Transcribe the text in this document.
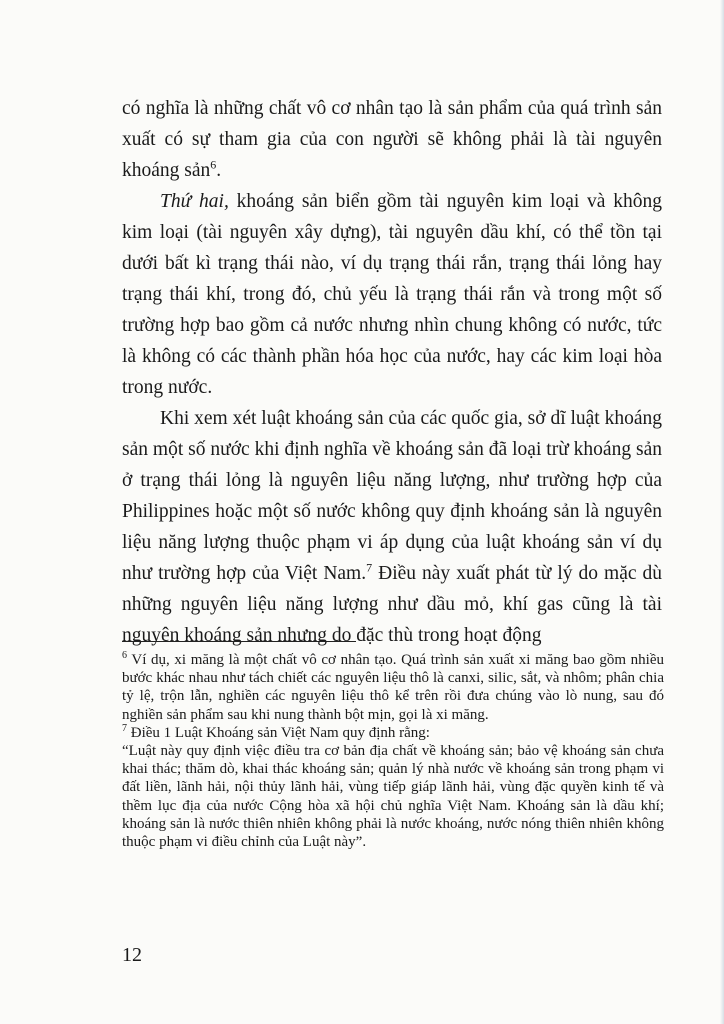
có nghĩa là những chất vô cơ nhân tạo là sản phẩm của quá trình sản xuất có sự tham gia của con người sẽ không phải là tài nguyên khoáng sản$^6$.

Thứ hai, khoáng sản biển gồm tài nguyên kim loại và không kim loại (tài nguyên xây dựng), tài nguyên dầu khí, có thể tồn tại dưới bất kì trạng thái nào, ví dụ trạng thái rắn, trạng thái lỏng hay trạng thái khí, trong đó, chủ yếu là trạng thái rắn và trong một số trường hợp bao gồm cả nước nhưng nhìn chung không có nước, tức là không có các thành phần hóa học của nước, hay các kim loại hòa trong nước.

Khi xem xét luật khoáng sản của các quốc gia, sở dĩ luật khoáng sản một số nước khi định nghĩa về khoáng sản đã loại trừ khoáng sản ở trạng thái lỏng là nguyên liệu năng lượng, như trường hợp của Philippines hoặc một số nước không quy định khoáng sản là nguyên liệu năng lượng thuộc phạm vi áp dụng của luật khoáng sản ví dụ như trường hợp của Việt Nam.$^7$ Điều này xuất phát từ lý do mặc dù những nguyên liệu năng lượng như dầu mỏ, khí gas cũng là tài nguyên khoáng sản nhưng do đặc thù trong hoạt động

$^6$ Ví dụ, xi măng là một chất vô cơ nhân tạo. Quá trình sản xuất xi măng bao gồm nhiều bước khác nhau như tách chiết các nguyên liệu thô là canxi, silic, sắt, và nhôm; phân chia tỷ lệ, trộn lẫn, nghiền các nguyên liệu thô kể trên rồi đưa chúng vào lò nung, sau đó nghiền sản phẩm sau khi nung thành bột mịn, gọi là xi măng.

$^7$ Điều 1 Luật Khoáng sản Việt Nam quy định rằng:

“Luật này quy định việc điều tra cơ bản địa chất về khoáng sản; bảo vệ khoáng sản chưa khai thác; thăm dò, khai thác khoáng sản; quản lý nhà nước về khoáng sản trong phạm vi đất liền, lãnh hải, nội thủy lãnh hải, vùng tiếp giáp lãnh hải, vùng đặc quyền kinh tế và thềm lục địa của nước Cộng hòa xã hội chủ nghĩa Việt Nam. Khoáng sản là dầu khí; khoáng sản là nước thiên nhiên không phải là nước khoáng, nước nóng thiên nhiên không thuộc phạm vi điều chỉnh của Luật này”.

12
